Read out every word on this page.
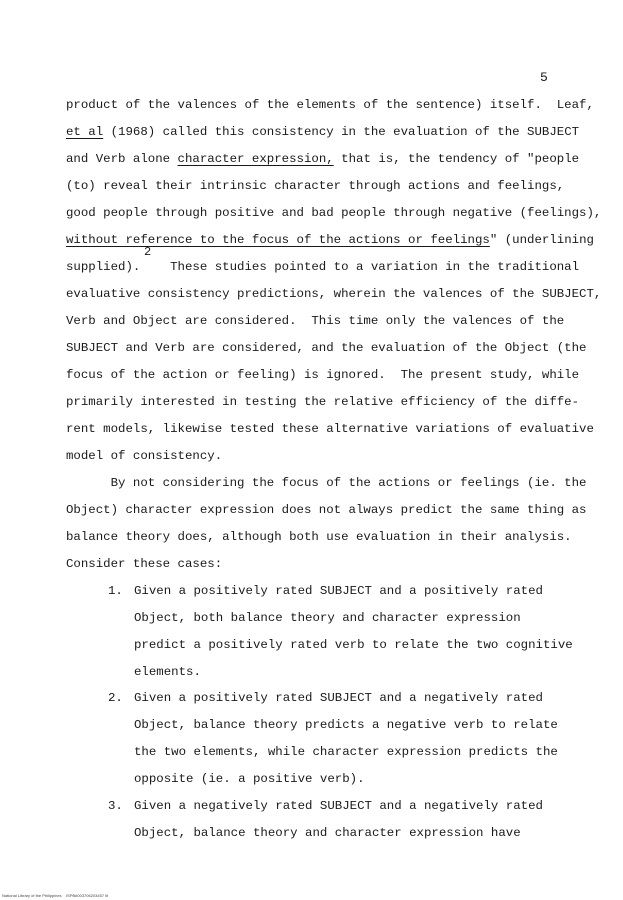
5
product of the valences of the elements of the sentence) itself.  Leaf,
et al (1968) called this consistency in the evaluation of the SUBJECT
and Verb alone character expression, that is, the tendency of "people
(to) reveal their intrinsic character through actions and feelings,
good people through positive and bad people through negative (feelings),
without reference to the focus of the actions or feelings" (underlining
2
supplied).    These studies pointed to a variation in the traditional
evaluative consistency predictions, wherein the valences of the SUBJECT,
Verb and Object are considered.  This time only the valences of the
SUBJECT and Verb are considered, and the evaluation of the Object (the
focus of the action or feeling) is ignored.  The present study, while
primarily interested in testing the relative efficiency of the diffe-
rent models, likewise tested these alternative variations of evaluative
model of consistency.
By not considering the focus of the actions or feelings (ie. the
Object) character expression does not always predict the same thing as
balance theory does, although both use evaluation in their analysis.
Consider these cases:
1. Given a positively rated SUBJECT and a positively rated
Object, both balance theory and character expression
predict a positively rated verb to relate the two cognitive
elements.
2. Given a positively rated SUBJECT and a negatively rated
Object, balance theory predicts a negative verb to relate
the two elements, while character expression predicts the
opposite (ie. a positive verb).
3. Given a negatively rated SUBJECT and a negatively rated
Object, balance theory and character expression have
National Library of the Philippines    ISPB#003706203457 lit
